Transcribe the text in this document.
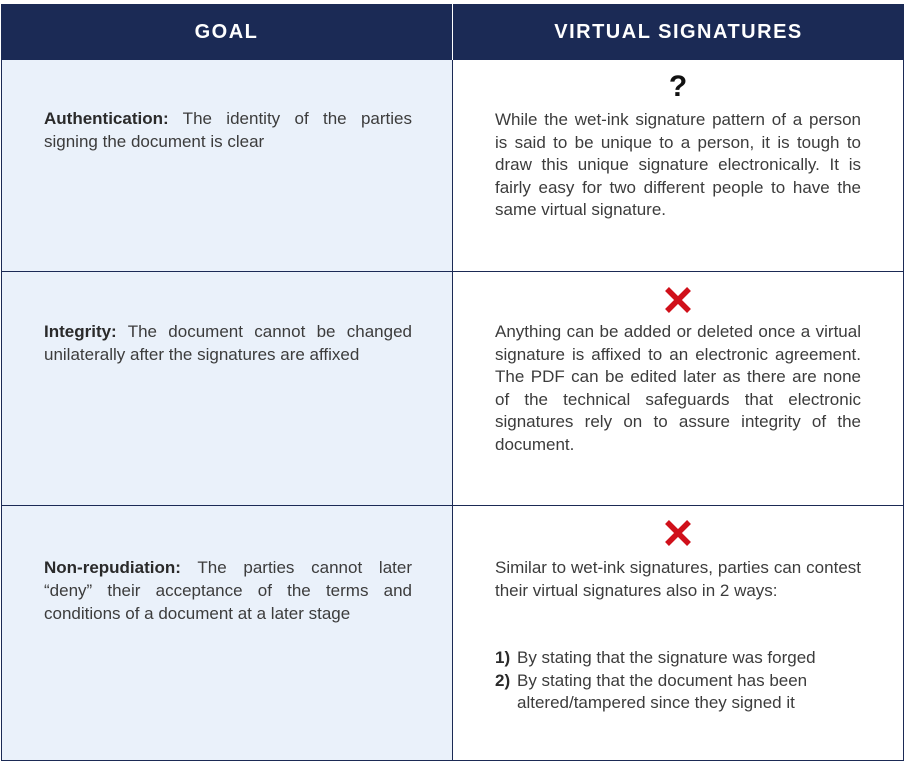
GOAL	VIRTUAL SIGNATURES
Authentication: The identity of the parties signing the document is clear
?
While the wet-ink signature pattern of a person is said to be unique to a person, it is tough to draw this unique signature electronically. It is fairly easy for two different people to have the same virtual signature.
Integrity: The document cannot be changed unilaterally after the signatures are affixed
Anything can be added or deleted once a virtual signature is affixed to an electronic agreement. The PDF can be edited later as there are none of the technical safeguards that electronic signatures rely on to assure integrity of the document.
Non-repudiation: The parties cannot later “deny” their acceptance of the terms and conditions of a document at a later stage
Similar to wet-ink signatures, parties can contest their virtual signatures also in 2 ways:
1) By stating that the signature was forged
2) By stating that the document has been altered/tampered since they signed it
